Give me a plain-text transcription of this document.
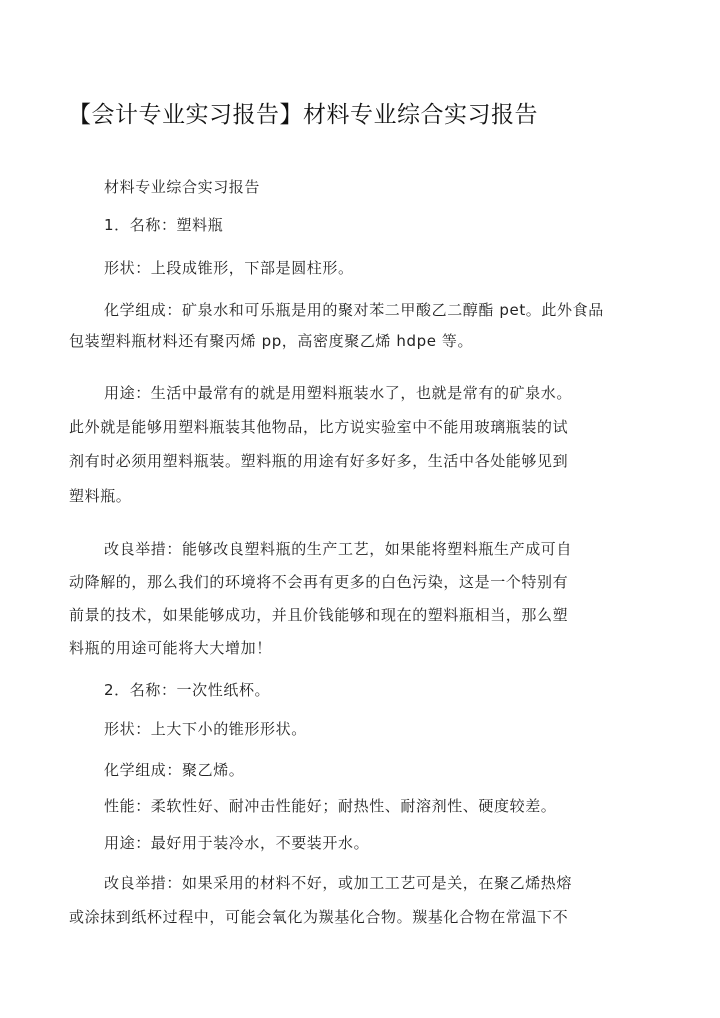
【会计专业实习报告】材料专业综合实习报告
材料专业综合实习报告
1．名称：塑料瓶
形状：上段成锥形，下部是圆柱形。
化学组成：矿泉水和可乐瓶是用的聚对苯二甲酸乙二醇酯 pet。此外食品
包装塑料瓶材料还有聚丙烯 pp，高密度聚乙烯 hdpe 等。
用途：生活中最常有的就是用塑料瓶装水了，也就是常有的矿泉水。
此外就是能够用塑料瓶装其他物品，比方说实验室中不能用玻璃瓶装的试
剂有时必须用塑料瓶装。塑料瓶的用途有好多好多，生活中各处能够见到
塑料瓶。
改良举措：能够改良塑料瓶的生产工艺，如果能将塑料瓶生产成可自
动降解的，那么我们的环境将不会再有更多的白色污染，这是一个特别有
前景的技术，如果能够成功，并且价钱能够和现在的塑料瓶相当，那么塑
料瓶的用途可能将大大增加！
2．名称：一次性纸杯。
形状：上大下小的锥形形状。
化学组成：聚乙烯。
性能：柔软性好、耐冲击性能好；耐热性、耐溶剂性、硬度较差。
用途：最好用于装冷水，不要装开水。
改良举措：如果采用的材料不好，或加工工艺可是关，在聚乙烯热熔
或涂抹到纸杯过程中，可能会氧化为羰基化合物。羰基化合物在常温下不
